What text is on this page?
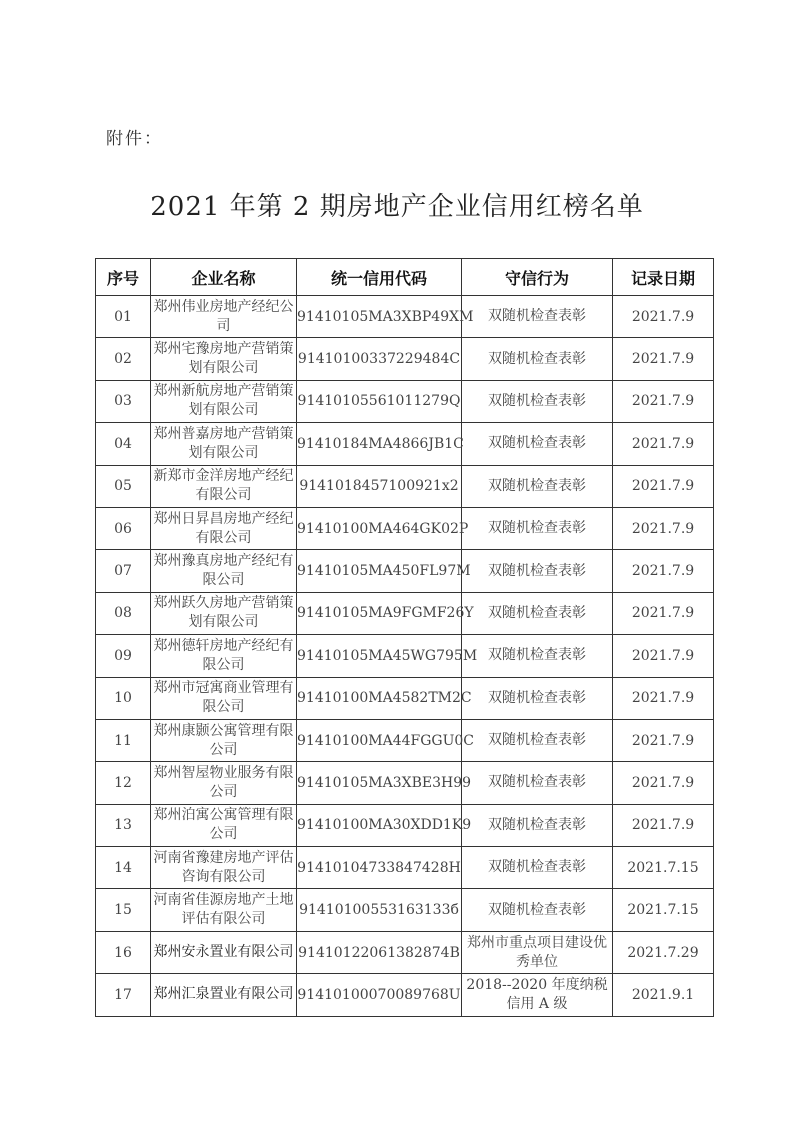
附件：
2021 年第 2 期房地产企业信用红榜名单
序号	企业名称	统一信用代码	守信行为	记录日期
01	郑州伟业房地产经纪公司	91410105MA3XBP49XM	双随机检查表彰	2021.7.9
02	郑州宅豫房地产营销策划有限公司	91410100337229484C	双随机检查表彰	2021.7.9
03	郑州新航房地产营销策划有限公司	91410105561011279Q	双随机检查表彰	2021.7.9
04	郑州普嘉房地产营销策划有限公司	91410184MA4866JB1C	双随机检查表彰	2021.7.9
05	新郑市金洋房地产经纪有限公司	9141018457100921x2	双随机检查表彰	2021.7.9
06	郑州日昇昌房地产经纪有限公司	91410100MA464GK02P	双随机检查表彰	2021.7.9
07	郑州豫真房地产经纪有限公司	91410105MA450FL97M	双随机检查表彰	2021.7.9
08	郑州跃久房地产营销策划有限公司	91410105MA9FGMF26Y	双随机检查表彰	2021.7.9
09	郑州德轩房地产经纪有限公司	91410105MA45WG795M	双随机检查表彰	2021.7.9
10	郑州市冠寓商业管理有限公司	91410100MA4582TM2C	双随机检查表彰	2021.7.9
11	郑州康颢公寓管理有限公司	91410100MA44FGGU0C	双随机检查表彰	2021.7.9
12	郑州智屋物业服务有限公司	91410105MA3XBE3H99	双随机检查表彰	2021.7.9
13	郑州泊寓公寓管理有限公司	91410100MA30XDD1K9	双随机检查表彰	2021.7.9
14	河南省豫建房地产评估咨询有限公司	91410104733847428H	双随机检查表彰	2021.7.15
15	河南省佳源房地产土地评估有限公司	91410100553163133б	双随机检查表彰	2021.7.15
16	郑州安永置业有限公司	91410122061382874B	郑州市重点项目建设优秀单位	2021.7.29
17	郑州汇泉置业有限公司	91410100070089768U	2018--2020 年度纳税信用 A 级	2021.9.1
